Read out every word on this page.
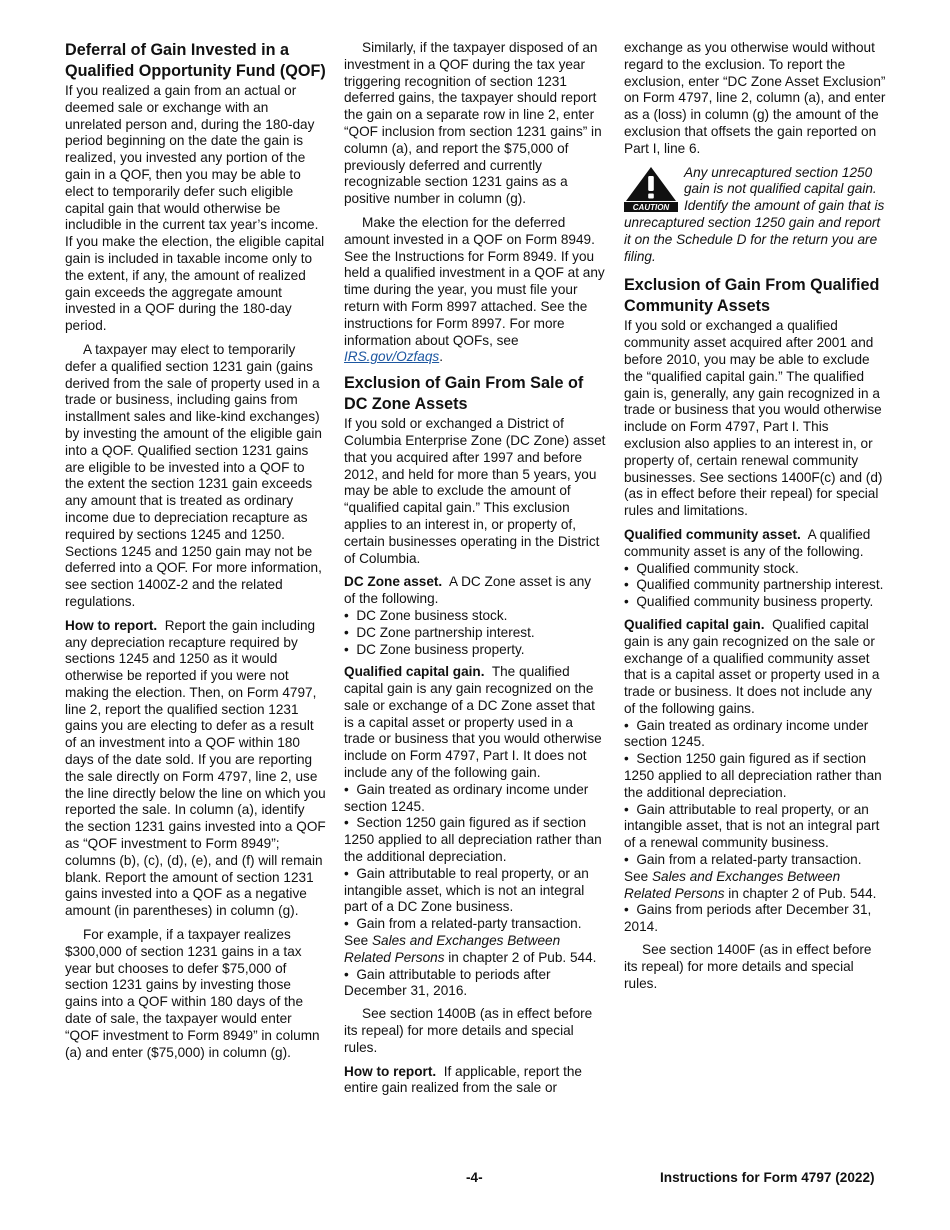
Deferral of Gain Invested in a Qualified Opportunity Fund (QOF)

If you realized a gain from an actual or deemed sale or exchange with an unrelated person and, during the 180-day period beginning on the date the gain is realized, you invested any portion of the gain in a QOF, then you may be able to elect to temporarily defer such eligible capital gain that would otherwise be includible in the current tax year’s income. If you make the election, the eligible capital gain is included in taxable income only to the extent, if any, the amount of realized gain exceeds the aggregate amount invested in a QOF during the 180-day period.

A taxpayer may elect to temporarily defer a qualified section 1231 gain (gains derived from the sale of property used in a trade or business, including gains from installment sales and like-kind exchanges) by investing the amount of the eligible gain into a QOF. Qualified section 1231 gains are eligible to be invested into a QOF to the extent the section 1231 gain exceeds any amount that is treated as ordinary income due to depreciation recapture as required by sections 1245 and 1250. Sections 1245 and 1250 gain may not be deferred into a QOF. For more information, see section 1400Z-2 and the related regulations.

How to report. Report the gain including any depreciation recapture required by sections 1245 and 1250 as it would otherwise be reported if you were not making the election. Then, on Form 4797, line 2, report the qualified section 1231 gains you are electing to defer as a result of an investment into a QOF within 180 days of the date sold. If you are reporting the sale directly on Form 4797, line 2, use the line directly below the line on which you reported the sale. In column (a), identify the section 1231 gains invested into a QOF as “QOF investment to Form 8949”; columns (b), (c), (d), (e), and (f) will remain blank. Report the amount of section 1231 gains invested into a QOF as a negative amount (in parentheses) in column (g).

For example, if a taxpayer realizes $300,000 of section 1231 gains in a tax year but chooses to defer $75,000 of section 1231 gains by investing those gains into a QOF within 180 days of the date of sale, the taxpayer would enter “QOF investment to Form 8949” in column (a) and enter ($75,000) in column (g).

Similarly, if the taxpayer disposed of an investment in a QOF during the tax year triggering recognition of section 1231 deferred gains, the taxpayer should report the gain on a separate row in line 2, enter “QOF inclusion from section 1231 gains” in column (a), and report the $75,000 of previously deferred and currently recognizable section 1231 gains as a positive number in column (g).

Make the election for the deferred amount invested in a QOF on Form 8949. See the Instructions for Form 8949. If you held a qualified investment in a QOF at any time during the year, you must file your return with Form 8997 attached. See the instructions for Form 8997. For more information about QOFs, see IRS.gov/Ozfaqs.

Exclusion of Gain From Sale of DC Zone Assets

If you sold or exchanged a District of Columbia Enterprise Zone (DC Zone) asset that you acquired after 1997 and before 2012, and held for more than 5 years, you may be able to exclude the amount of “qualified capital gain.” This exclusion applies to an interest in, or property of, certain businesses operating in the District of Columbia.

DC Zone asset. A DC Zone asset is any of the following.

•  DC Zone business stock.
•  DC Zone partnership interest.
•  DC Zone business property.

Qualified capital gain. The qualified capital gain is any gain recognized on the sale or exchange of a DC Zone asset that is a capital asset or property used in a trade or business that you would otherwise include on Form 4797, Part I. It does not include any of the following gain.

•  Gain treated as ordinary income under section 1245.
•  Section 1250 gain figured as if section 1250 applied to all depreciation rather than the additional depreciation.
•  Gain attributable to real property, or an intangible asset, which is not an integral part of a DC Zone business.
•  Gain from a related-party transaction. See Sales and Exchanges Between Related Persons in chapter 2 of Pub. 544.
•  Gain attributable to periods after December 31, 2016.

See section 1400B (as in effect before its repeal) for more details and special rules.

How to report. If applicable, report the entire gain realized from the sale or

exchange as you otherwise would without regard to the exclusion. To report the exclusion, enter “DC Zone Asset Exclusion” on Form 4797, line 2, column (a), and enter as a (loss) in column (g) the amount of the exclusion that offsets the gain reported on Part I, line 6.

CAUTION
Any unrecaptured section 1250 gain is not qualified capital gain. Identify the amount of gain that is unrecaptured section 1250 gain and report it on the Schedule D for the return you are filing.
Exclusion of Gain From Qualified Community Assets

If you sold or exchanged a qualified community asset acquired after 2001 and before 2010, you may be able to exclude the “qualified capital gain.” The qualified gain is, generally, any gain recognized in a trade or business that you would otherwise include on Form 4797, Part I. This exclusion also applies to an interest in, or property of, certain renewal community businesses. See sections 1400F(c) and (d) (as in effect before their repeal) for special rules and limitations.

Qualified community asset. A qualified community asset is any of the following.

•  Qualified community stock.
•  Qualified community partnership interest.
•  Qualified community business property.

Qualified capital gain. Qualified capital gain is any gain recognized on the sale or exchange of a qualified community asset that is a capital asset or property used in a trade or business. It does not include any of the following gains.

•  Gain treated as ordinary income under section 1245.
•  Section 1250 gain figured as if section 1250 applied to all depreciation rather than the additional depreciation.
•  Gain attributable to real property, or an intangible asset, that is not an integral part of a renewal community business.
•  Gain from a related-party transaction. See Sales and Exchanges Between Related Persons in chapter 2 of Pub. 544.
•  Gains from periods after December 31, 2014.

See section 1400F (as in effect before its repeal) for more details and special rules.

-4-	Instructions for Form 4797 (2022)
